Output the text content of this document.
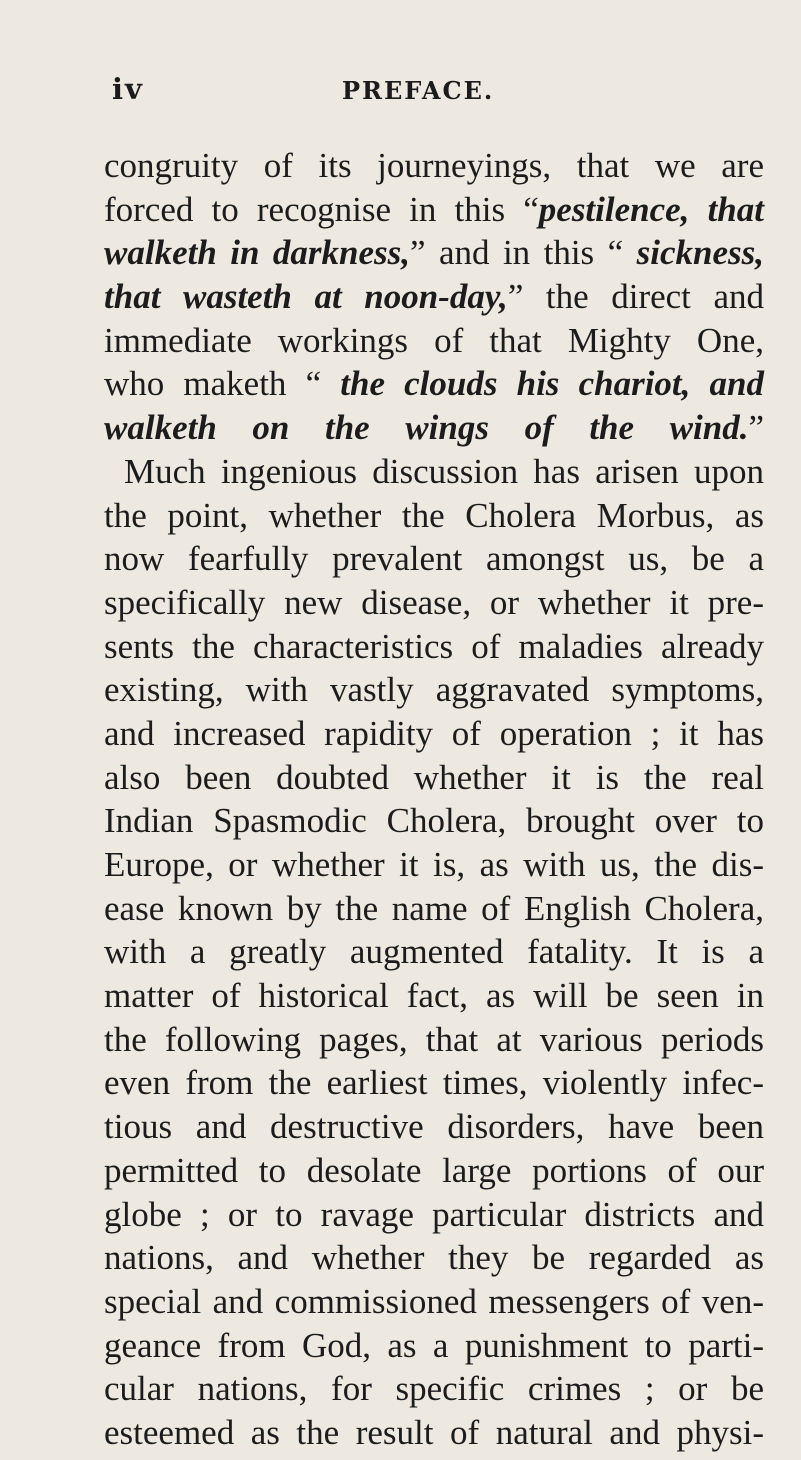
iv	PREFACE.
congruity of its journeyings, that we are
forced to recognise in this “pestilence, that
walketh in darkness,” and in this “ sickness,
that wasteth at noon-day,” the direct and
immediate workings of that Mighty One,
who maketh “ the clouds his chariot, and
walketh on the wings of the wind.”
Much ingenious discussion has arisen upon
the point, whether the Cholera Morbus, as
now fearfully prevalent amongst us, be a
specifically new disease, or whether it pre-
sents the characteristics of maladies already
existing, with vastly aggravated symptoms,
and increased rapidity of operation ; it has
also been doubted whether it is the real
Indian Spasmodic Cholera, brought over to
Europe, or whether it is, as with us, the dis-
ease known by the name of English Cholera,
with a greatly augmented fatality. It is a
matter of historical fact, as will be seen in
the following pages, that at various periods
even from the earliest times, violently infec-
tious and destructive disorders, have been
permitted to desolate large portions of our
globe ; or to ravage particular districts and
nations, and whether they be regarded as
special and commissioned messengers of ven-
geance from God, as a punishment to parti-
cular nations, for specific crimes ; or be
esteemed as the result of natural and physi-
